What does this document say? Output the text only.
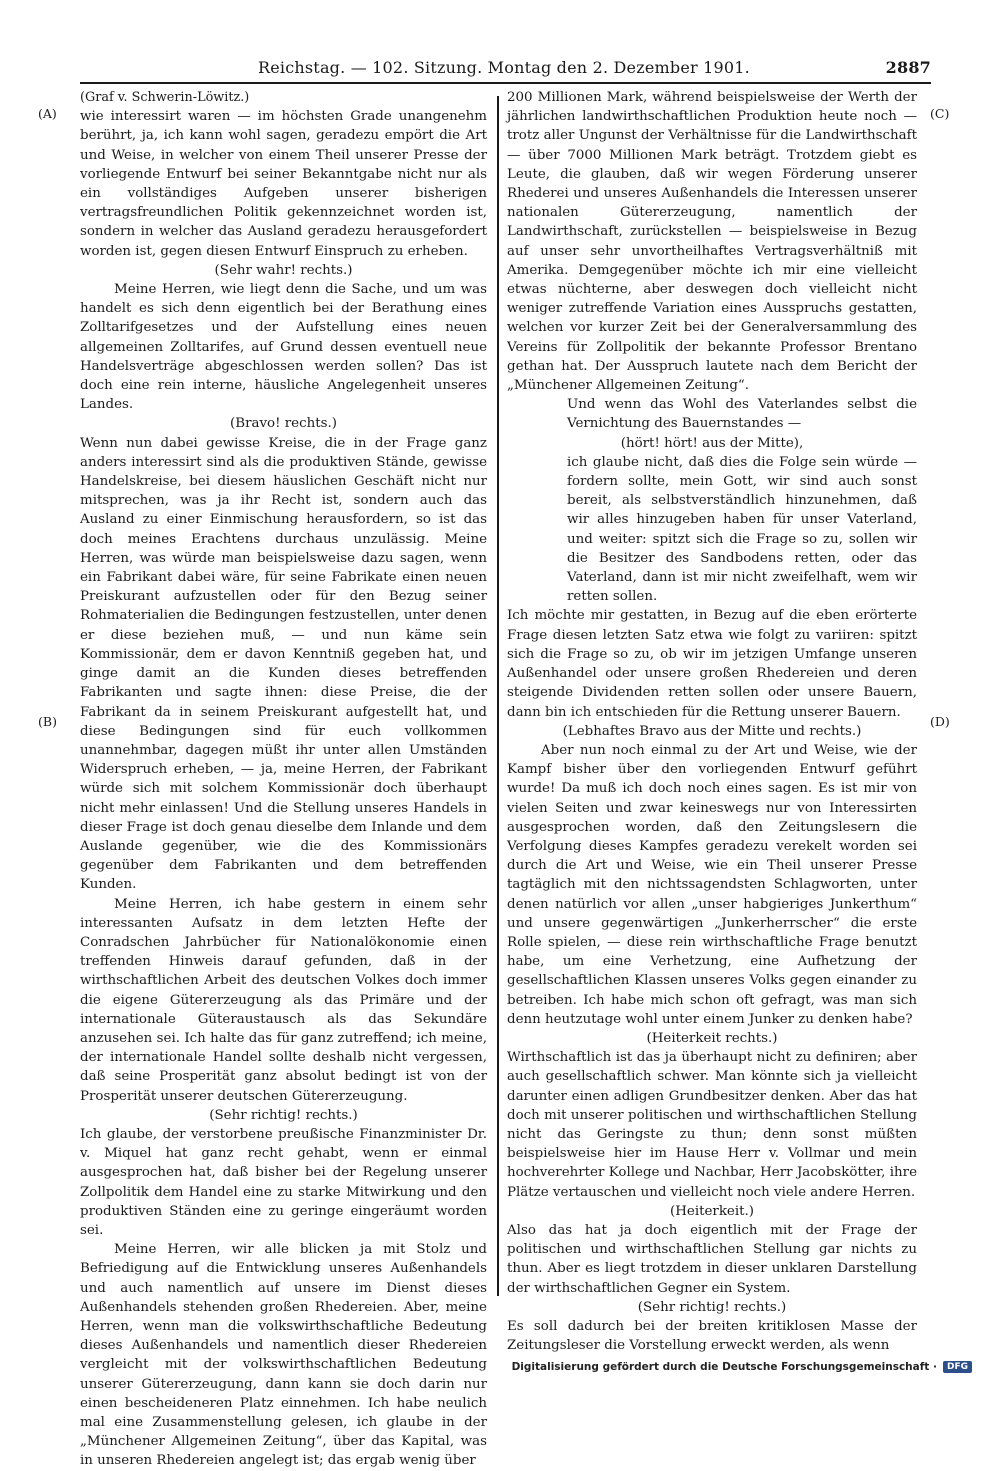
Reichstag. — 102. Sitzung. Montag den 2. Dezember 1901.	2887
(A)
(B)
(C)
(D)

(Graf v. Schwerin-Löwitz.)

wie interessirt waren — im höchsten Grade unangenehm berührt, ja, ich kann wohl sagen, geradezu empört die Art und Weise, in welcher von einem Theil unserer Presse der vorliegende Entwurf bei seiner Bekanntgabe nicht nur als ein vollständiges Aufgeben unserer bisherigen vertragsfreundlichen Politik gekennzeichnet worden ist, sondern in welcher das Ausland geradezu herausgefordert worden ist, gegen diesen Entwurf Einspruch zu erheben.

(Sehr wahr! rechts.)

Meine Herren, wie liegt denn die Sache, und um was handelt es sich denn eigentlich bei der Berathung eines Zolltarifgesetzes und der Aufstellung eines neuen allgemeinen Zolltarifes, auf Grund dessen eventuell neue Handelsverträge abgeschlossen werden sollen? Das ist doch eine rein interne, häusliche Angelegenheit unseres Landes.

(Bravo! rechts.)

Wenn nun dabei gewisse Kreise, die in der Frage ganz anders interessirt sind als die produktiven Stände, gewisse Handelskreise, bei diesem häuslichen Geschäft nicht nur mitsprechen, was ja ihr Recht ist, sondern auch das Ausland zu einer Einmischung herausfordern, so ist das doch meines Erachtens durchaus unzulässig. Meine Herren, was würde man beispielsweise dazu sagen, wenn ein Fabrikant dabei wäre, für seine Fabrikate einen neuen Preiskurant aufzustellen oder für den Bezug seiner Rohmaterialien die Bedingungen festzustellen, unter denen er diese beziehen muß, — und nun käme sein Kommissionär, dem er davon Kenntniß gegeben hat, und ginge damit an die Kunden dieses betreffenden Fabrikanten und sagte ihnen: diese Preise, die der Fabrikant da in seinem Preiskurant aufgestellt hat, und diese Bedingungen sind für euch vollkommen unannehmbar, dagegen müßt ihr unter allen Umständen Widerspruch erheben, — ja, meine Herren, der Fabrikant würde sich mit solchem Kommissionär doch überhaupt nicht mehr einlassen! Und die Stellung unseres Handels in dieser Frage ist doch genau dieselbe dem Inlande und dem Auslande gegenüber, wie die des Kommissionärs gegenüber dem Fabrikanten und dem betreffenden Kunden.

Meine Herren, ich habe gestern in einem sehr interessanten Aufsatz in dem letzten Hefte der Conradschen Jahrbücher für Nationalökonomie einen treffenden Hinweis darauf gefunden, daß in der wirthschaftlichen Arbeit des deutschen Volkes doch immer die eigene Gütererzeugung als das Primäre und der internationale Güteraustausch als das Sekundäre anzusehen sei. Ich halte das für ganz zutreffend; ich meine, der internationale Handel sollte deshalb nicht vergessen, daß seine Prosperität ganz absolut bedingt ist von der Prosperität unserer deutschen Gütererzeugung.

(Sehr richtig! rechts.)

Ich glaube, der verstorbene preußische Finanzminister Dr. v. Miquel hat ganz recht gehabt, wenn er einmal ausgesprochen hat, daß bisher bei der Regelung unserer Zollpolitik dem Handel eine zu starke Mitwirkung und den produktiven Ständen eine zu geringe eingeräumt worden sei.

Meine Herren, wir alle blicken ja mit Stolz und Befriedigung auf die Entwicklung unseres Außenhandels und auch namentlich auf unsere im Dienst dieses Außenhandels stehenden großen Rhedereien. Aber, meine Herren, wenn man die volkswirthschaftliche Bedeutung dieses Außenhandels und namentlich dieser Rhedereien vergleicht mit der volkswirthschaftlichen Bedeutung unserer Gütererzeugung, dann kann sie doch darin nur einen bescheideneren Platz einnehmen. Ich habe neulich mal eine Zusammenstellung gelesen, ich glaube in der „Münchener Allgemeinen Zeitung“, über das Kapital, was in unseren Rhedereien angelegt ist; das ergab wenig über

200 Millionen Mark, während beispielsweise der Werth der jährlichen landwirthschaftlichen Produktion heute noch — trotz aller Ungunst der Verhältnisse für die Landwirthschaft — über 7000 Millionen Mark beträgt. Trotzdem giebt es Leute, die glauben, daß wir wegen Förderung unserer Rhederei und unseres Außenhandels die Interessen unserer nationalen Gütererzeugung, namentlich der Landwirthschaft, zurückstellen — beispielsweise in Bezug auf unser sehr unvortheilhaftes Vertragsverhältniß mit Amerika. Demgegenüber möchte ich mir eine vielleicht etwas nüchterne, aber deswegen doch vielleicht nicht weniger zutreffende Variation eines Ausspruchs gestatten, welchen vor kurzer Zeit bei der Generalversammlung des Vereins für Zollpolitik der bekannte Professor Brentano gethan hat. Der Ausspruch lautete nach dem Bericht der „Münchener Allgemeinen Zeitung“.

Und wenn das Wohl des Vaterlandes selbst die Vernichtung des Bauernstandes —

(hört! hört! aus der Mitte),

ich glaube nicht, daß dies die Folge sein würde — fordern sollte, mein Gott, wir sind auch sonst bereit, als selbstverständlich hinzunehmen, daß wir alles hinzugeben haben für unser Vaterland, und weiter: spitzt sich die Frage so zu, sollen wir die Besitzer des Sandbodens retten, oder das Vaterland, dann ist mir nicht zweifelhaft, wem wir retten sollen.

Ich möchte mir gestatten, in Bezug auf die eben erörterte Frage diesen letzten Satz etwa wie folgt zu variiren: spitzt sich die Frage so zu, ob wir im jetzigen Umfange unseren Außenhandel oder unsere großen Rhedereien und deren steigende Dividenden retten sollen oder unsere Bauern, dann bin ich entschieden für die Rettung unserer Bauern.

(Lebhaftes Bravo aus der Mitte und rechts.)

Aber nun noch einmal zu der Art und Weise, wie der Kampf bisher über den vorliegenden Entwurf geführt wurde! Da muß ich doch noch eines sagen. Es ist mir von vielen Seiten und zwar keineswegs nur von Interessirten ausgesprochen worden, daß den Zeitungslesern die Verfolgung dieses Kampfes geradezu verekelt worden sei durch die Art und Weise, wie ein Theil unserer Presse tagtäglich mit den nichtssagendsten Schlagworten, unter denen natürlich vor allen „unser habgieriges Junkerthum“ und unsere gegenwärtigen „Junkerherrscher“ die erste Rolle spielen, — diese rein wirthschaftliche Frage benutzt habe, um eine Verhetzung, eine Aufhetzung der gesellschaftlichen Klassen unseres Volks gegen einander zu betreiben. Ich habe mich schon oft gefragt, was man sich denn heutzutage wohl unter einem Junker zu denken habe?

(Heiterkeit rechts.)

Wirthschaftlich ist das ja überhaupt nicht zu definiren; aber auch gesellschaftlich schwer. Man könnte sich ja vielleicht darunter einen adligen Grundbesitzer denken. Aber das hat doch mit unserer politischen und wirthschaftlichen Stellung nicht das Geringste zu thun; denn sonst müßten beispielsweise hier im Hause Herr v. Vollmar und mein hochverehrter Kollege und Nachbar, Herr Jacobskötter, ihre Plätze vertauschen und vielleicht noch viele andere Herren.

(Heiterkeit.)

Also das hat ja doch eigentlich mit der Frage der politischen und wirthschaftlichen Stellung gar nichts zu thun. Aber es liegt trotzdem in dieser unklaren Darstellung der wirthschaftlichen Gegner ein System.

(Sehr richtig! rechts.)

Es soll dadurch bei der breiten kritiklosen Masse der Zeitungsleser die Vorstellung erweckt werden, als wenn

Digitalisierung gefördert durch die Deutsche Forschungsgemeinschaft ·	DFG
